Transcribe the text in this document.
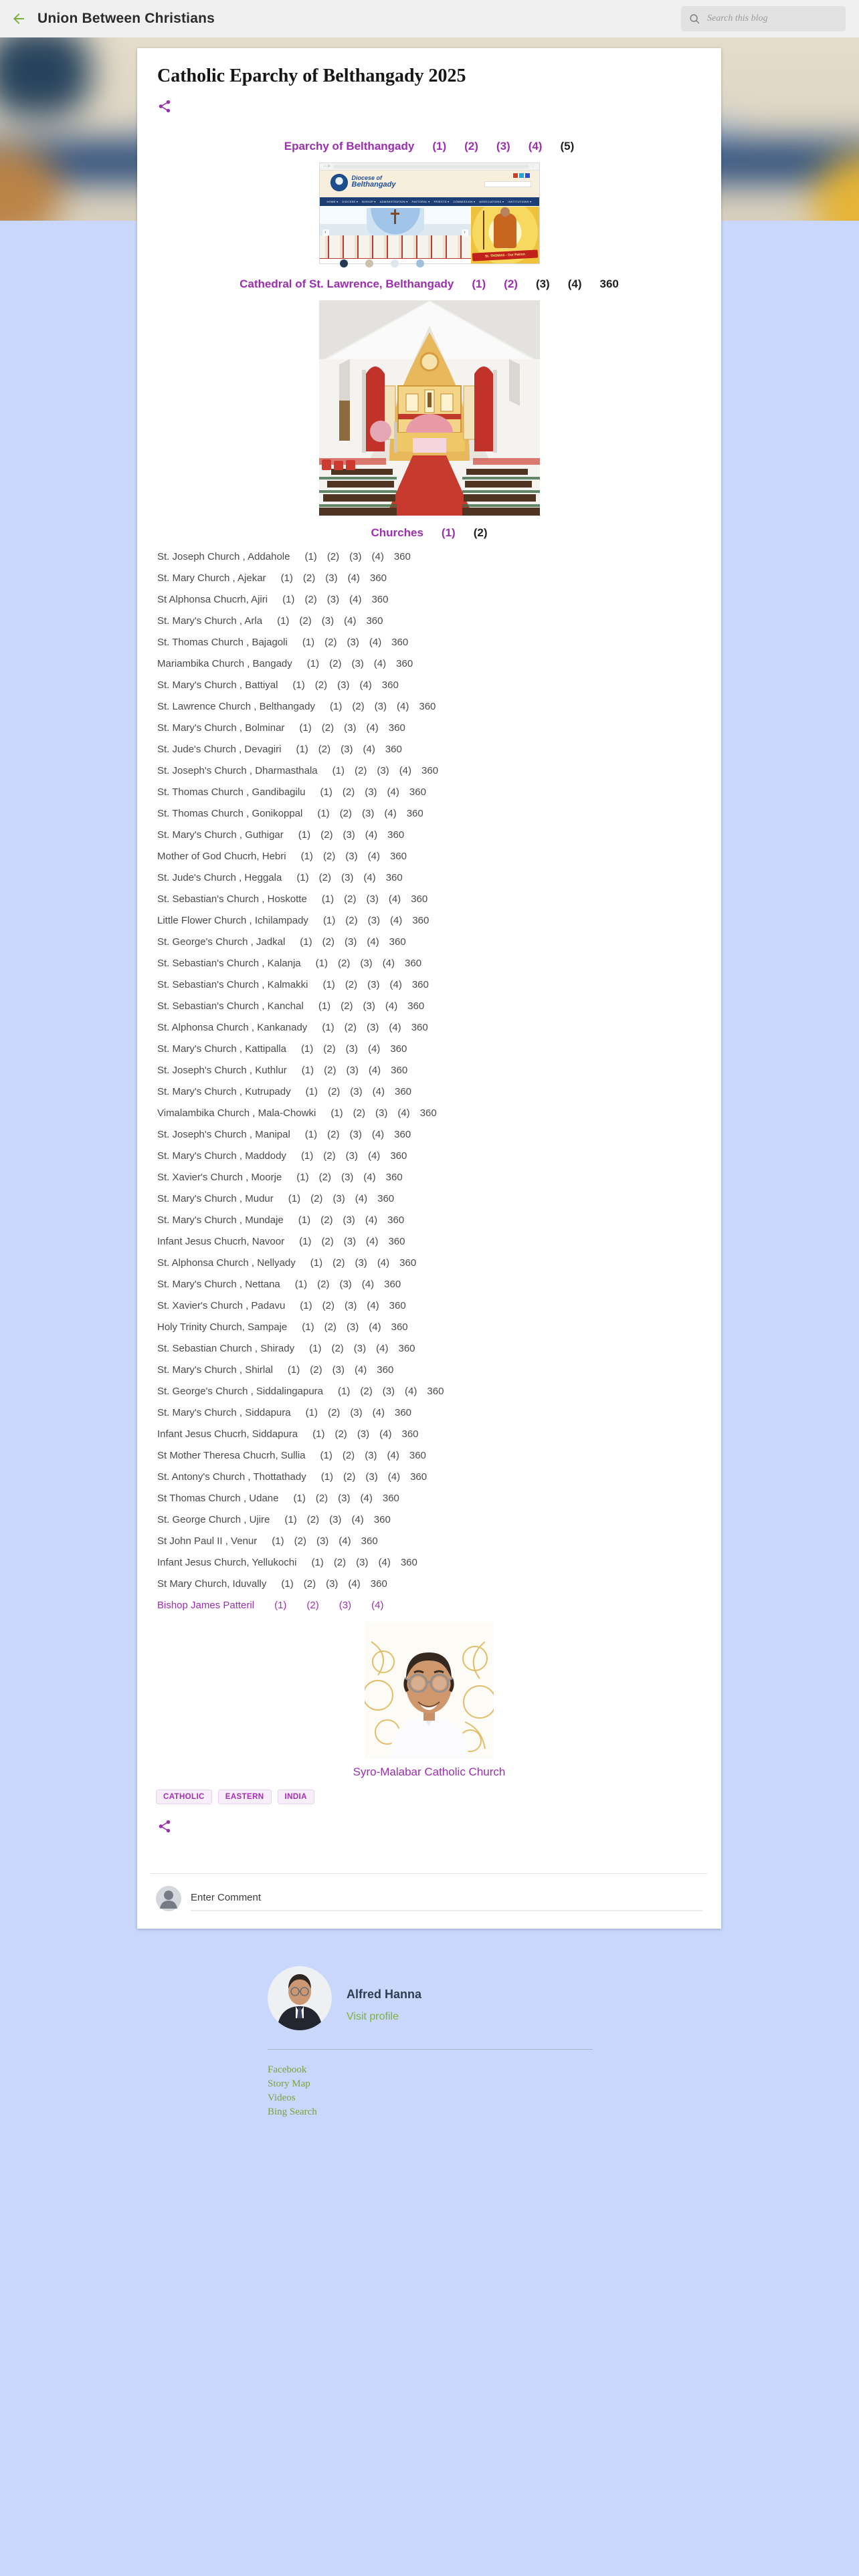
Union Between Christians	Search this blog
Catholic Eparchy of Belthangady 2025
Eparchy of Belthangady (1) (2) (3) (4) (5)
‹ › ⟳	⋮
Diocese of
Belthangady
HOME ▾ DIOCESE ▾ BISHOP ▾ ADMINISTRATION ▾ PASTORAL ▾ PRIESTS ▾ COMMISSION ▾ ASSOCIATIONS ▾ INSTITUTIONS ▾
‹	›
St. THOMAS - Our Patron
Cathedral of St. Lawrence, Belthangady (1) (2) (3) (4) 360
Churches (1) (2)
St. Joseph Church , Addahole (1) (2) (3) (4) 360
St. Mary Church , Ajekar (1) (2) (3) (4) 360
St Alphonsa Chucrh, Ajiri (1) (2) (3) (4) 360
St. Mary's Church , Arla (1) (2) (3) (4) 360
St. Thomas Church , Bajagoli (1) (2) (3) (4) 360
Mariambika Church , Bangady (1) (2) (3) (4) 360
St. Mary's Church , Battiyal (1) (2) (3) (4) 360
St. Lawrence Church , Belthangady (1) (2) (3) (4) 360
St. Mary's Church , Bolminar (1) (2) (3) (4) 360
St. Jude's Church , Devagiri (1) (2) (3) (4) 360
St. Joseph's Church , Dharmasthala (1) (2) (3) (4) 360
St. Thomas Church , Gandibagilu (1) (2) (3) (4) 360
St. Thomas Church , Gonikoppal (1) (2) (3) (4) 360
St. Mary's Church , Guthigar (1) (2) (3) (4) 360
Mother of God Chucrh, Hebri (1) (2) (3) (4) 360
St. Jude's Church , Heggala (1) (2) (3) (4) 360
St. Sebastian's Church , Hoskotte (1) (2) (3) (4) 360
Little Flower Church , Ichilampady (1) (2) (3) (4) 360
St. George's Church , Jadkal (1) (2) (3) (4) 360
St. Sebastian's Church , Kalanja (1) (2) (3) (4) 360
St. Sebastian's Church , Kalmakki (1) (2) (3) (4) 360
St. Sebastian's Church , Kanchal (1) (2) (3) (4) 360
St. Alphonsa Church , Kankanady (1) (2) (3) (4) 360
St. Mary's Church , Kattipalla (1) (2) (3) (4) 360
St. Joseph's Church , Kuthlur (1) (2) (3) (4) 360
St. Mary's Church , Kutrupady (1) (2) (3) (4) 360
Vimalambika Church , Mala-Chowki (1) (2) (3) (4) 360
St. Joseph's Church , Manipal (1) (2) (3) (4) 360
St. Mary's Church , Maddody (1) (2) (3) (4) 360
St. Xavier's Church , Moorje (1) (2) (3) (4) 360
St. Mary's Church , Mudur (1) (2) (3) (4) 360
St. Mary's Church , Mundaje (1) (2) (3) (4) 360
Infant Jesus Chucrh, Navoor (1) (2) (3) (4) 360
St. Alphonsa Church , Nellyady (1) (2) (3) (4) 360
St. Mary's Church , Nettana (1) (2) (3) (4) 360
St. Xavier's Church , Padavu (1) (2) (3) (4) 360
Holy Trinity Church, Sampaje (1) (2) (3) (4) 360
St. Sebastian Church , Shirady (1) (2) (3) (4) 360
St. Mary's Church , Shirlal (1) (2) (3) (4) 360
St. George's Church , Siddalingapura (1) (2) (3) (4) 360
St. Mary's Church , Siddapura (1) (2) (3) (4) 360
Infant Jesus Chucrh, Siddapura (1) (2) (3) (4) 360
St Mother Theresa Chucrh, Sullia (1) (2) (3) (4) 360
St. Antony's Church , Thottathady (1) (2) (3) (4) 360
St Thomas Church , Udane (1) (2) (3) (4) 360
St. George Church , Ujire (1) (2) (3) (4) 360
St John Paul II , Venur (1) (2) (3) (4) 360
Infant Jesus Church, Yellukochi (1) (2) (3) (4) 360
St Mary Church, Iduvally (1) (2) (3) (4) 360
Bishop James Patteril (1) (2) (3) (4)
Syro-Malabar Catholic Church
CATHOLIC	EASTERN	INDIA
Enter Comment
Alfred Hanna
Visit profile
Facebook
Story Map
Videos
Bing Search
